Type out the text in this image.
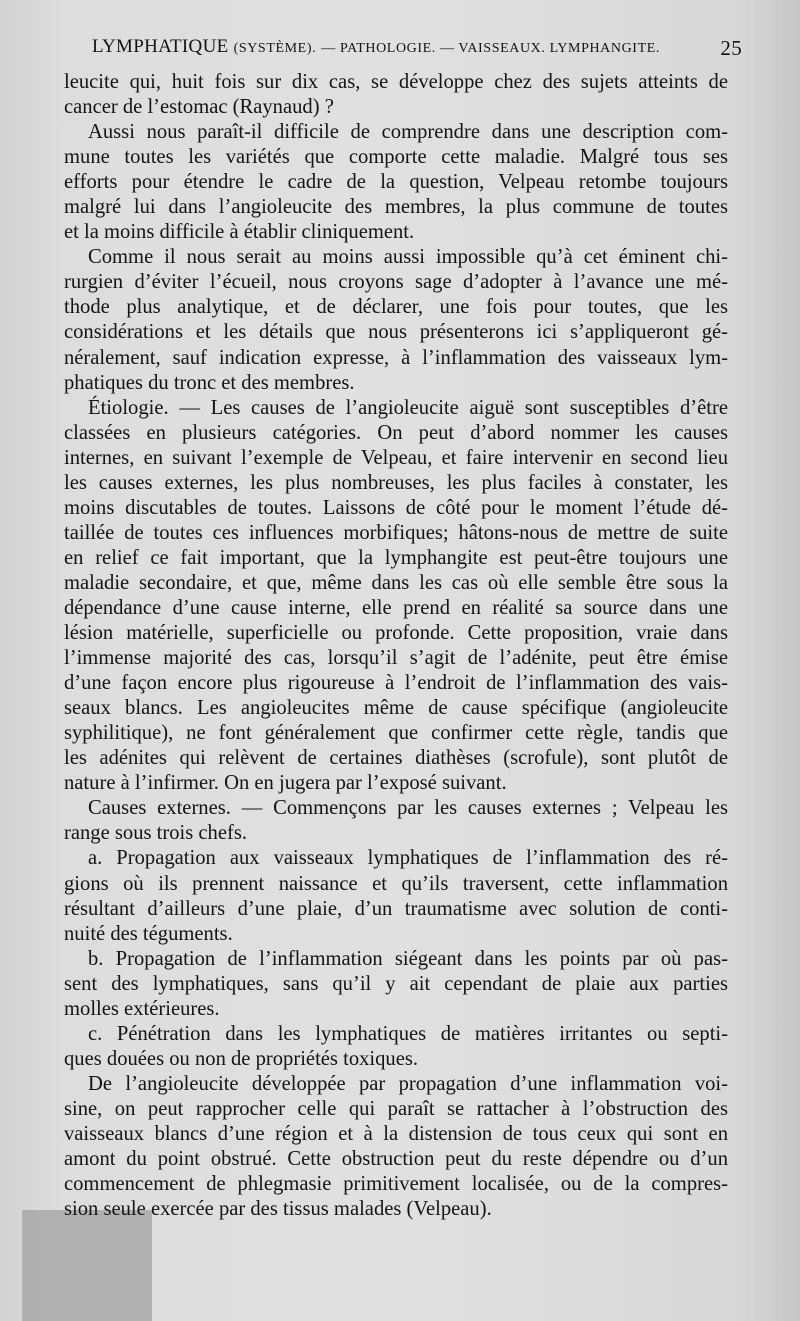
LYMPHATIQUE (SYSTÈME). — PATHOLOGIE. — VAISSEAUX. LYMPHANGITE.	25
leucite qui, huit fois sur dix cas, se développe chez des sujets atteints de
cancer de l’estomac (Raynaud) ?
Aussi nous paraît-il difficile de comprendre dans une description com-
mune toutes les variétés que comporte cette maladie. Malgré tous ses
efforts pour étendre le cadre de la question, Velpeau retombe toujours
malgré lui dans l’angioleucite des membres, la plus commune de toutes
et la moins difficile à établir cliniquement.
Comme il nous serait au moins aussi impossible qu’à cet éminent chi-
rurgien d’éviter l’écueil, nous croyons sage d’adopter à l’avance une mé-
thode plus analytique, et de déclarer, une fois pour toutes, que les
considérations et les détails que nous présenterons ici s’appliqueront gé-
néralement, sauf indication expresse, à l’inflammation des vaisseaux lym-
phatiques du tronc et des membres.
Étiologie. — Les causes de l’angioleucite aiguë sont susceptibles d’être
classées en plusieurs catégories. On peut d’abord nommer les causes
internes, en suivant l’exemple de Velpeau, et faire intervenir en second lieu
les causes externes, les plus nombreuses, les plus faciles à constater, les
moins discutables de toutes. Laissons de côté pour le moment l’étude dé-
taillée de toutes ces influences morbifiques; hâtons-nous de mettre de suite
en relief ce fait important, que la lymphangite est peut-être toujours une
maladie secondaire, et que, même dans les cas où elle semble être sous la
dépendance d’une cause interne, elle prend en réalité sa source dans une
lésion matérielle, superficielle ou profonde. Cette proposition, vraie dans
l’immense majorité des cas, lorsqu’il s’agit de l’adénite, peut être émise
d’une façon encore plus rigoureuse à l’endroit de l’inflammation des vais-
seaux blancs. Les angioleucites même de cause spécifique (angioleucite
syphilitique), ne font généralement que confirmer cette règle, tandis que
les adénites qui relèvent de certaines diathèses (scrofule), sont plutôt de
nature à l’infirmer. On en jugera par l’exposé suivant.
Causes externes. — Commençons par les causes externes ; Velpeau les
range sous trois chefs.
a. Propagation aux vaisseaux lymphatiques de l’inflammation des ré-
gions où ils prennent naissance et qu’ils traversent, cette inflammation
résultant d’ailleurs d’une plaie, d’un traumatisme avec solution de conti-
nuité des téguments.
b. Propagation de l’inflammation siégeant dans les points par où pas-
sent des lymphatiques, sans qu’il y ait cependant de plaie aux parties
molles extérieures.
c. Pénétration dans les lymphatiques de matières irritantes ou septi-
ques douées ou non de propriétés toxiques.
De l’angioleucite développée par propagation d’une inflammation voi-
sine, on peut rapprocher celle qui paraît se rattacher à l’obstruction des
vaisseaux blancs d’une région et à la distension de tous ceux qui sont en
amont du point obstrué. Cette obstruction peut du reste dépendre ou d’un
commencement de phlegmasie primitivement localisée, ou de la compres-
sion seule exercée par des tissus malades (Velpeau).
